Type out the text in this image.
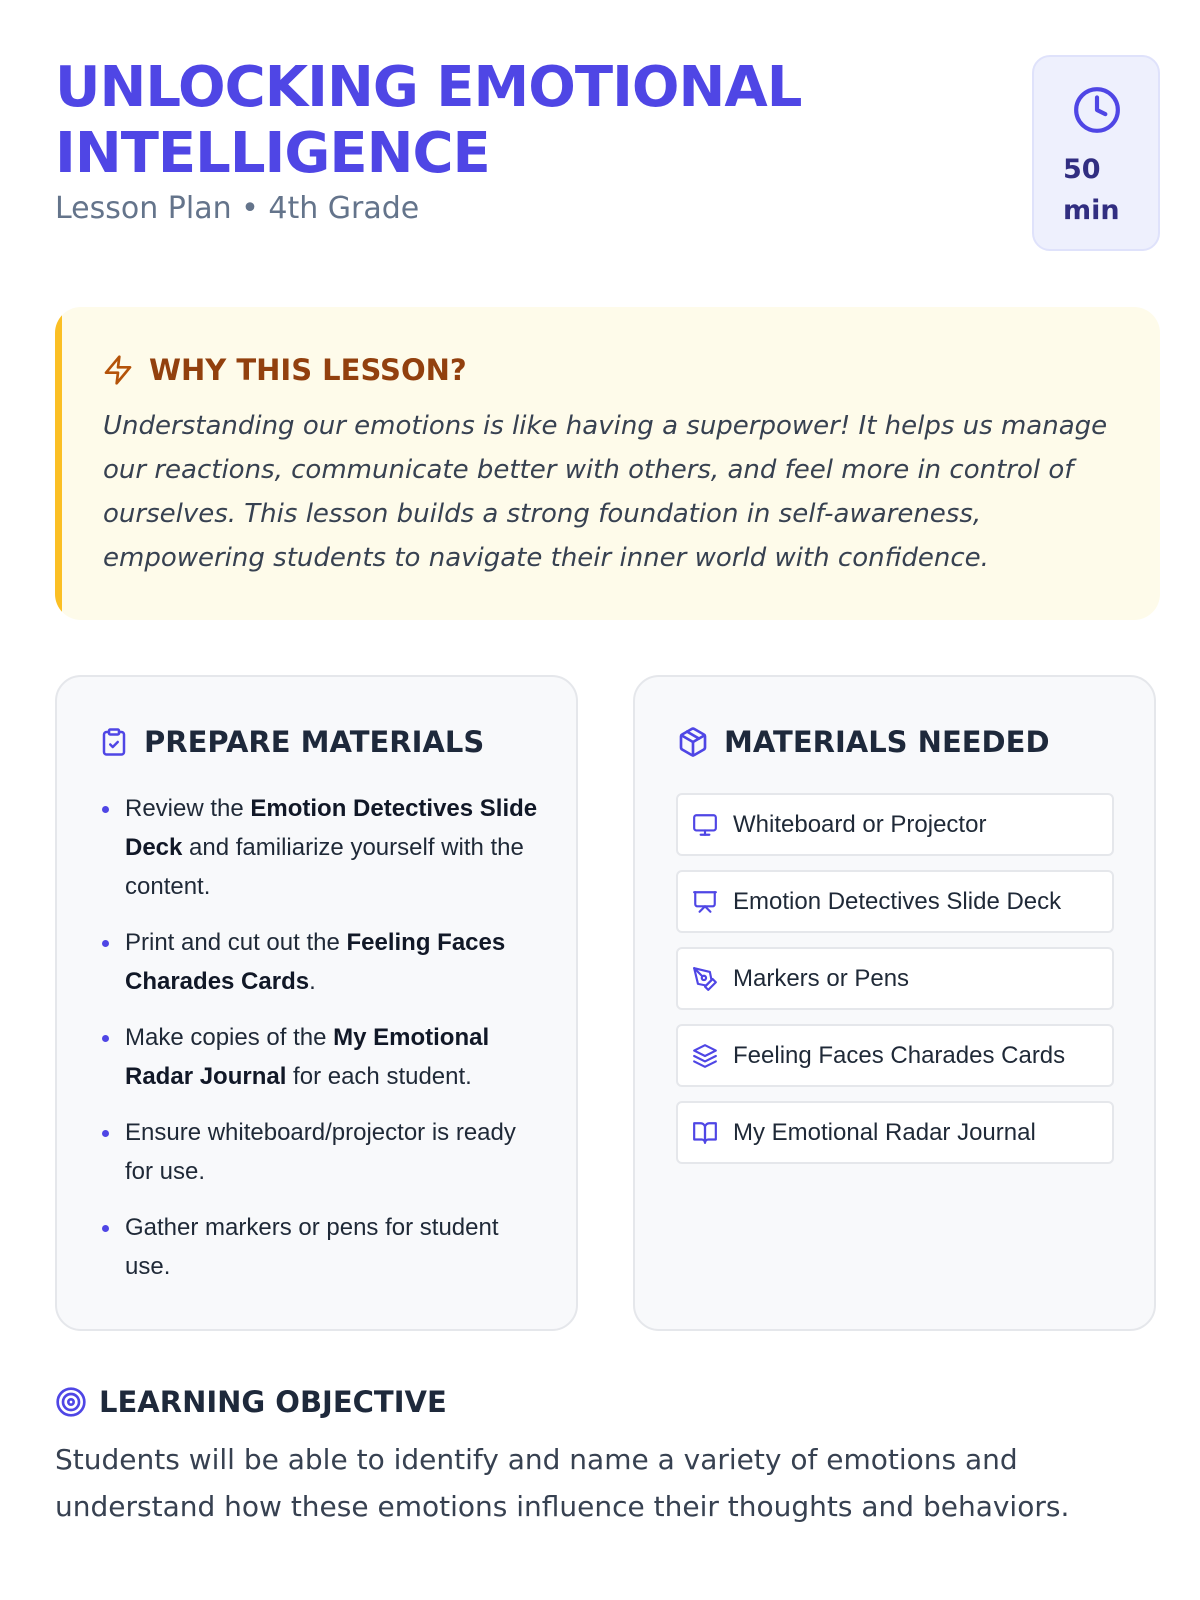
UNLOCKING EMOTIONAL INTELLIGENCE
Lesson Plan • 4th Grade
50 min
WHY THIS LESSON?

Understanding our emotions is like having a superpower! It helps us manage our reactions, communicate better with others, and feel more in control of ourselves. This lesson builds a strong foundation in self-awareness, empowering students to navigate their inner world with confidence.

PREPARE MATERIALS
Review the Emotion Detectives Slide Deck and familiarize yourself with the content.
Print and cut out the Feeling Faces Charades Cards.
Make copies of the My Emotional Radar Journal for each student.
Ensure whiteboard/projector is ready for use.
Gather markers or pens for student use.
MATERIALS NEEDED
Whiteboard or Projector
Emotion Detectives Slide Deck
Markers or Pens
Feeling Faces Charades Cards
My Emotional Radar Journal
LEARNING OBJECTIVE

Students will be able to identify and name a variety of emotions and understand how these emotions influence their thoughts and behaviors.
